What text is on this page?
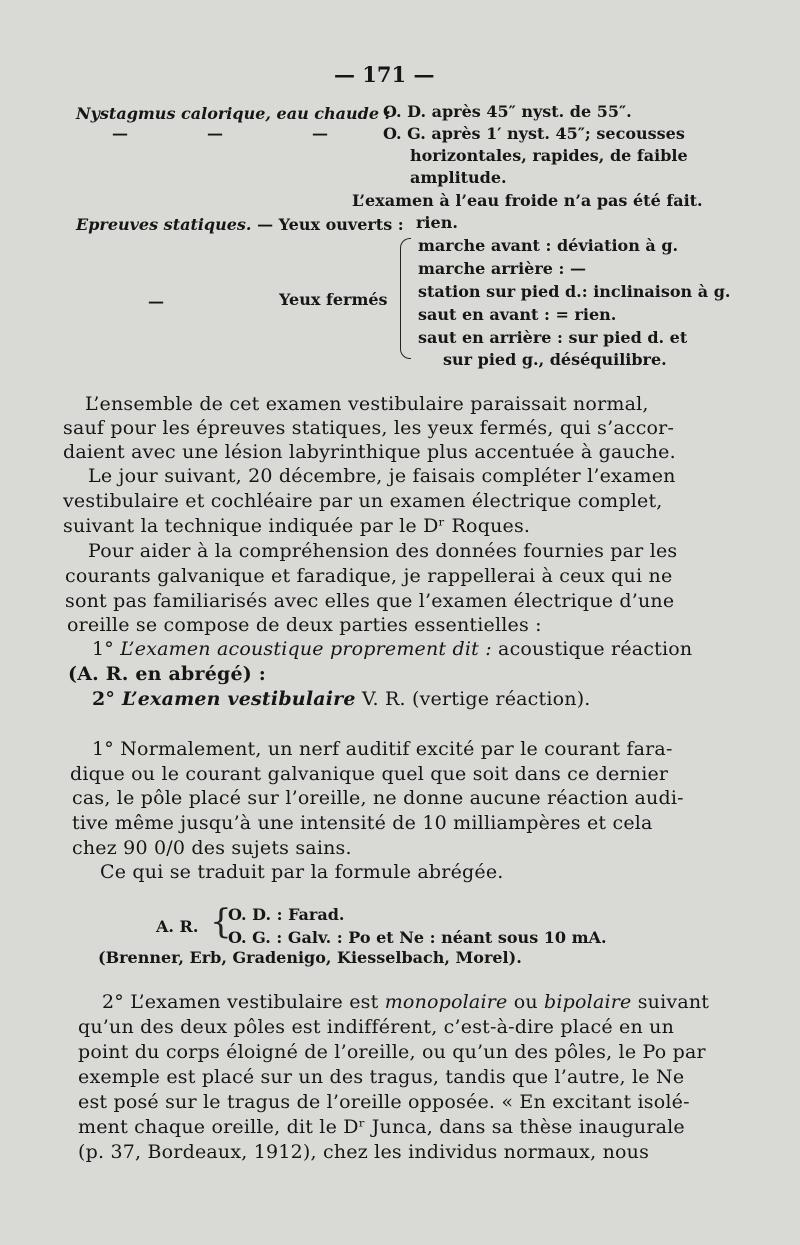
— 171 —
Nystagmus calorique, eau chaude :
O. D. après 45″ nyst. de 55″.
—	—	—	O. G. après 1′ nyst. 45″; secousses
horizontales, rapides, de faible
amplitude.
L’examen à l’eau froide n’a pas été fait.
Epreuves statiques. — Yeux ouverts : rien.
—	Yeux fermés
marche avant : déviation à g.
marche arrière : —
station sur pied d.: inclinaison à g.
saut en avant : = rien.
saut en arrière : sur pied d. et
sur pied g., déséquilibre.
L’ensemble de cet examen vestibulaire paraissait normal,
sauf pour les épreuves statiques, les yeux fermés, qui s’accor-
daient avec une lésion labyrinthique plus accentuée à gauche.
Le jour suivant, 20 décembre, je faisais compléter l’examen
vestibulaire et cochléaire par un examen électrique complet,
suivant la technique indiquée par le Dʳ Roques.
Pour aider à la compréhension des données fournies par les
courants galvanique et faradique, je rappellerai à ceux qui ne
sont pas familiarisés avec elles que l’examen électrique d’une
oreille se compose de deux parties essentielles :
1° L’examen acoustique proprement dit : acoustique réaction
(A. R. en abrégé) :
2° L’examen vestibulaire V. R. (vertige réaction).
1° Normalement, un nerf auditif excité par le courant fara-
dique ou le courant galvanique quel que soit dans ce dernier
cas, le pôle placé sur l’oreille, ne donne aucune réaction audi-
tive même jusqu’à une intensité de 10 milliampères et cela
chez 90 0/0 des sujets sains.
Ce qui se traduit par la formule abrégée.
A. R. {
O. D. : Farad.
O. G. : Galv. : Po et Ne : néant sous 10 mA.
(Brenner, Erb, Gradenigo, Kiesselbach, Morel).
2° L’examen vestibulaire est monopolaire ou bipolaire suivant
qu’un des deux pôles est indifférent, c’est-à-dire placé en un
point du corps éloigné de l’oreille, ou qu’un des pôles, le Po par
exemple est placé sur un des tragus, tandis que l’autre, le Ne
est posé sur le tragus de l’oreille opposée. « En excitant isolé-
ment chaque oreille, dit le Dʳ Junca, dans sa thèse inaugurale
(p. 37, Bordeaux, 1912), chez les individus normaux, nous
